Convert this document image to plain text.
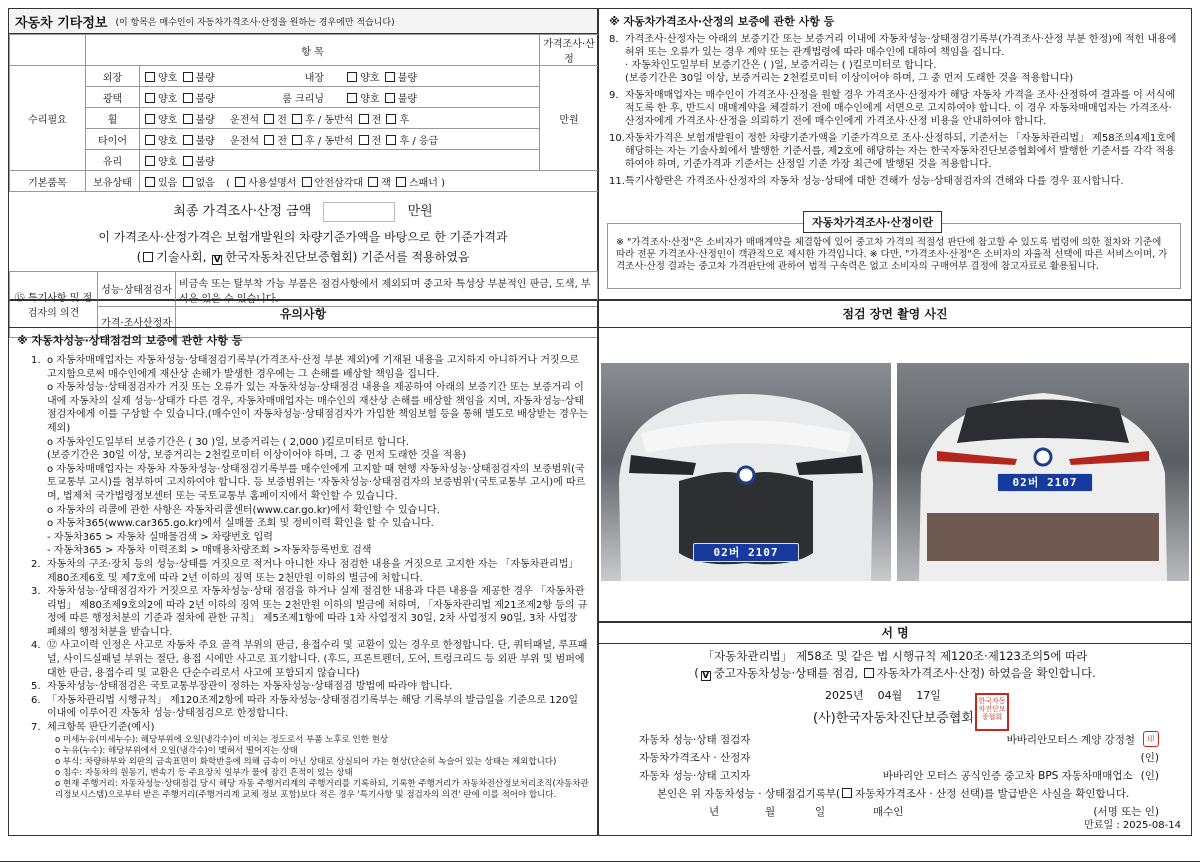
자동차 기타정보 (이 항목은 매수인이 자동차가격조사·산정을 원하는 경우에만 적습니다)
	항 목		가격조사·산정
수리필요	외장	양호 불량 내장 양호 불량	만원
	광택	양호 불량 룸 크리닝 양호 불량	
	휠	양호 불량 운전석 전 후 / 동반석 전 후	
	타이어	양호 불량 운전석 전 후 / 동반석 전 후 / 응급	
	유리	양호 불량	
기본품목	보유상태	있음 없음 ( 사용설명서 안전삼각대 잭 스패너 )	
최종 가격조사·산정 금액	만원
이 가격조사·산정가격은 보험개발원의 차량기준가액을 바탕으로 한 기준가격과
( 기술사회, V 한국자동차진단보증협회) 기준서를 적용하였음
⑮ 특기사항 및 점검자의 의견	성능·상태점검자	비금속 또는 탈부착 가능 부품은 점검사항에서 제외되며 중고차 특성상 부분적인 판금, 도색, 부식은 있을 수 있습니다.
	가격·조사산정자	
※ 자동차가격조사·산정의 보증에 관한 사항 등
8. 가격조사·산정자는 아래의 보증기간 또는 보증거리 이내에 자동차성능·상태점검기록부(가격조사·산정 부분 한정)에 적힌 내용에 허위 또는 오류가 있는 경우 계약 또는 관계법령에 따라 매수인에 대하여 책임을 집니다.
· 자동차인도일부터 보증기간은 ( )일, 보증거리는 ( )킬로미터로 합니다.
(보증기간은 30일 이상, 보증거리는 2천킬로미터 이상이어야 하며, 그 중 먼저 도래한 것을 적용합니다)
9. 자동차매매업자는 매수인이 가격조사·산정을 원할 경우 가격조사·산정자가 해당 자동차 가격을 조사·산정하여 결과를 이 서식에 적도록 한 후, 반드시 매매계약을 체결하기 전에 매수인에게 서면으로 고지하여야 합니다. 이 경우 자동차매매업자는 가격조사·산정자에게 가격조사·산정을 의뢰하기 전에 매수인에게 가격조사·산정 비용을 안내하여야 합니다.
10. 자동차가격은 보험개발원이 정한 차량기준가액을 기준가격으로 조사·산정하되, 기준서는 「자동차관리법」 제58조의4제1호에 해당하는 자는 기술사회에서 발행한 기준서를, 제2호에 해당하는 자는 한국자동차진단보증협회에서 발행한 기준서를 각각 적용하여야 하며, 기준가격과 기준서는 산정일 기준 가장 최근에 발행된 것을 적용합니다.
11. 특기사항란은 가격조사·산정자의 자동차 성능·상태에 대한 견해가 성능·상태점검자의 견해와 다를 경우 표시합니다.
자동차가격조사·산정이란
※ "가격조사·산정"은 소비자가 매매계약을 체결함에 있어 중고차 가격의 적절성 판단에 참고할 수 있도록 법령에 의한 절차와 기준에 따라 전문 가격조사·산정인이 객관적으로 제시한 가격입니다. ※ 다만, "가격조사·산정"은 소비자의 자율적 선택에 따른 서비스이며, 가격조사·산정 결과는 중고차 가격판단에 관하여 법적 구속력은 없고 소비자의 구매여부 결정에 참고자료로 활용됩니다.
유의사항
※ 자동차성능·상태점검의 보증에 관한 사항 등
1. o 자동차매매업자는 자동차성능·상태점검기록부(가격조사·산정 부분 제외)에 기재된 내용을 고지하지 아니하거나 거짓으로 고지함으로써 매수인에게 재산상 손해가 발생한 경우에는 그 손해를 배상할 책임을 집니다.
o 자동차성능·상태점검자가 거짓 또는 오류가 있는 자동차성능·상태점검 내용을 제공하여 아래의 보증기간 또는 보증거리 이내에 자동차의 실제 성능·상태가 다른 경우, 자동차매매업자는 매수인의 재산상 손해를 배상할 책임을 지며, 자동차성능·상태점검자에게 이를 구상할 수 있습니다.(매수인이 자동차성능·상태점검자가 가입한 책임보험 등을 통해 별도로 배상받는 경우는 제외)
o 자동차인도일부터 보증기간은 ( 30 )일, 보증거리는 ( 2,000 )킬로미터로 합니다.
(보증기간은 30일 이상, 보증거리는 2천킬로미터 이상이어야 하며, 그 중 먼저 도래한 것을 적용)
o 자동차매매업자는 자동차 자동차성능·상태점검기록부를 매수인에게 고지할 때 현행 자동차성능·상태점검자의 보증범위(국토교통부 고시)를 첨부하여 고지하여야 합니다. 등 보증범위는 '자동차성능·상태점검자의 보증범위'(국토교통부 고시)에 따르며, 법제처 국가법령정보센터 또는 국토교통부 홈페이지에서 확인할 수 있습니다.
o 자동차의 리콜에 관한 사항은 자동차리콜센터(www.car.go.kr)에서 확인할 수 있습니다.
o 자동차365(www.car365.go.kr)에서 실매물 조회 및 정비이력 확인을 할 수 있습니다.
- 자동차365 > 자동차 실매물검색 > 차량번호 입력
- 자동차365 > 자동차 이력조회 > 매매용차량조회 >자동차등록번호 검색
2. 자동차의 구조·장치 등의 성능·상태를 거짓으로 적거나 아니한 자나 점검한 내용을 거짓으로 고지한 자는 「자동차관리법」 제80조제6호 및 제7호에 따라 2년 이하의 징역 또는 2천만원 이하의 벌금에 처합니다.
3. 자동차성능·상태점검자가 거짓으로 자동차성능·상태 점검을 하거나 실제 점검한 내용과 다른 내용을 제공한 경우 「자동차관리법」 제80조제9호의2에 따라 2년 이하의 징역 또는 2천만원 이하의 벌금에 처하며, 「자동차관리법 제21조제2항 등의 규정에 따른 행정처분의 기준과 절차에 관한 규칙」 제5조제1항에 따라 1차 사업정지 30일, 2차 사업정지 90일, 3차 사업장 폐쇄의 행정처분을 받습니다.
4. ⑫ 사고이력 인정은 사고로 자동차 주요 골격 부위의 판금, 용접수리 및 교환이 있는 경우로 한정합니다. 단, 쿼터패널, 루프패널, 사이드실패널 부위는 절단, 용접 시에만 사고로 표기합니다. (후드, 프론트펜더, 도어, 트렁크리드 등 외판 부위 및 범퍼에 대한 판금, 용접수리 및 교환은 단순수리로서 사고에 포함되지 않습니다)
5. 자동차성능·상태점검은 국토교통부장관이 정하는 자동차성능·상태점검 방법에 따라야 합니다.
6. 「자동차관리법 시행규칙」 제120조제2항에 따라 자동차성능·상태점검기록부는 해당 기록부의 발급일을 기준으로 120일 이내에 이루어진 자동차 성능·상태점검으로 한정합니다.
7. 체크항목 판단기준(예시)
o 미세누유(미세누수): 해당부위에 오일(냉각수)이 비치는 정도로서 부품 노후로 인한 현상
o 누유(누수): 해당부위에서 오일(냉각수)이 맺혀서 떨어지는 상태
o 부식: 차량하부와 외판의 금속표면이 화학반응에 의해 금속이 아닌 상태로 상실되어 가는 현상(단순히 녹슬어 있는 상태는 제외합니다)
o 침수: 자동차의 원동기, 변속기 등 주요장치 일부가 물에 잠긴 흔적이 있는 상태
o 현재 주행거리: 자동차성능·상태점검 당시 해당 자동 주행거리계의 주행거리를 기록하되, 기록한 주행거리가 자동차전산정보처리조직(자동차관리정보시스템)으로부터 받은 주행거리(주행거리계 교체 정보 포함)보다 적은 경우 '특기사항 및 점검자의 의견' 란에 이를 적어야 합니다.
점검 장면 촬영 사진
02버 2107
02버 2107
서 명
「자동차관리법」 제58조 및 같은 법 시행규칙 제120조·제123조의5에 따라
( V 중고자동차성능·상태를 점검, 자동차가격조사·산정) 하였음을 확인합니다.
2025년 04월 17일
(사)한국자동차진단보증협회
한국자동차진단보증협회
자동차 성능·상태 점검자	바바리안모터스 계양 강정철	印
자동차가격조사 · 산정자	(인)
자동차 성능·상태 고지자	바바리안 모터스 공식인증 중고차 BPS 자동차매매업소 (인)
본인은 위 자동차성능 · 상태점검기록부( 자동차가격조사 · 산정 선택)를 발급받은 사실을 확인합니다.
년	월	일	매수인	(서명 또는 인)
만료일 : 2025-08-14
